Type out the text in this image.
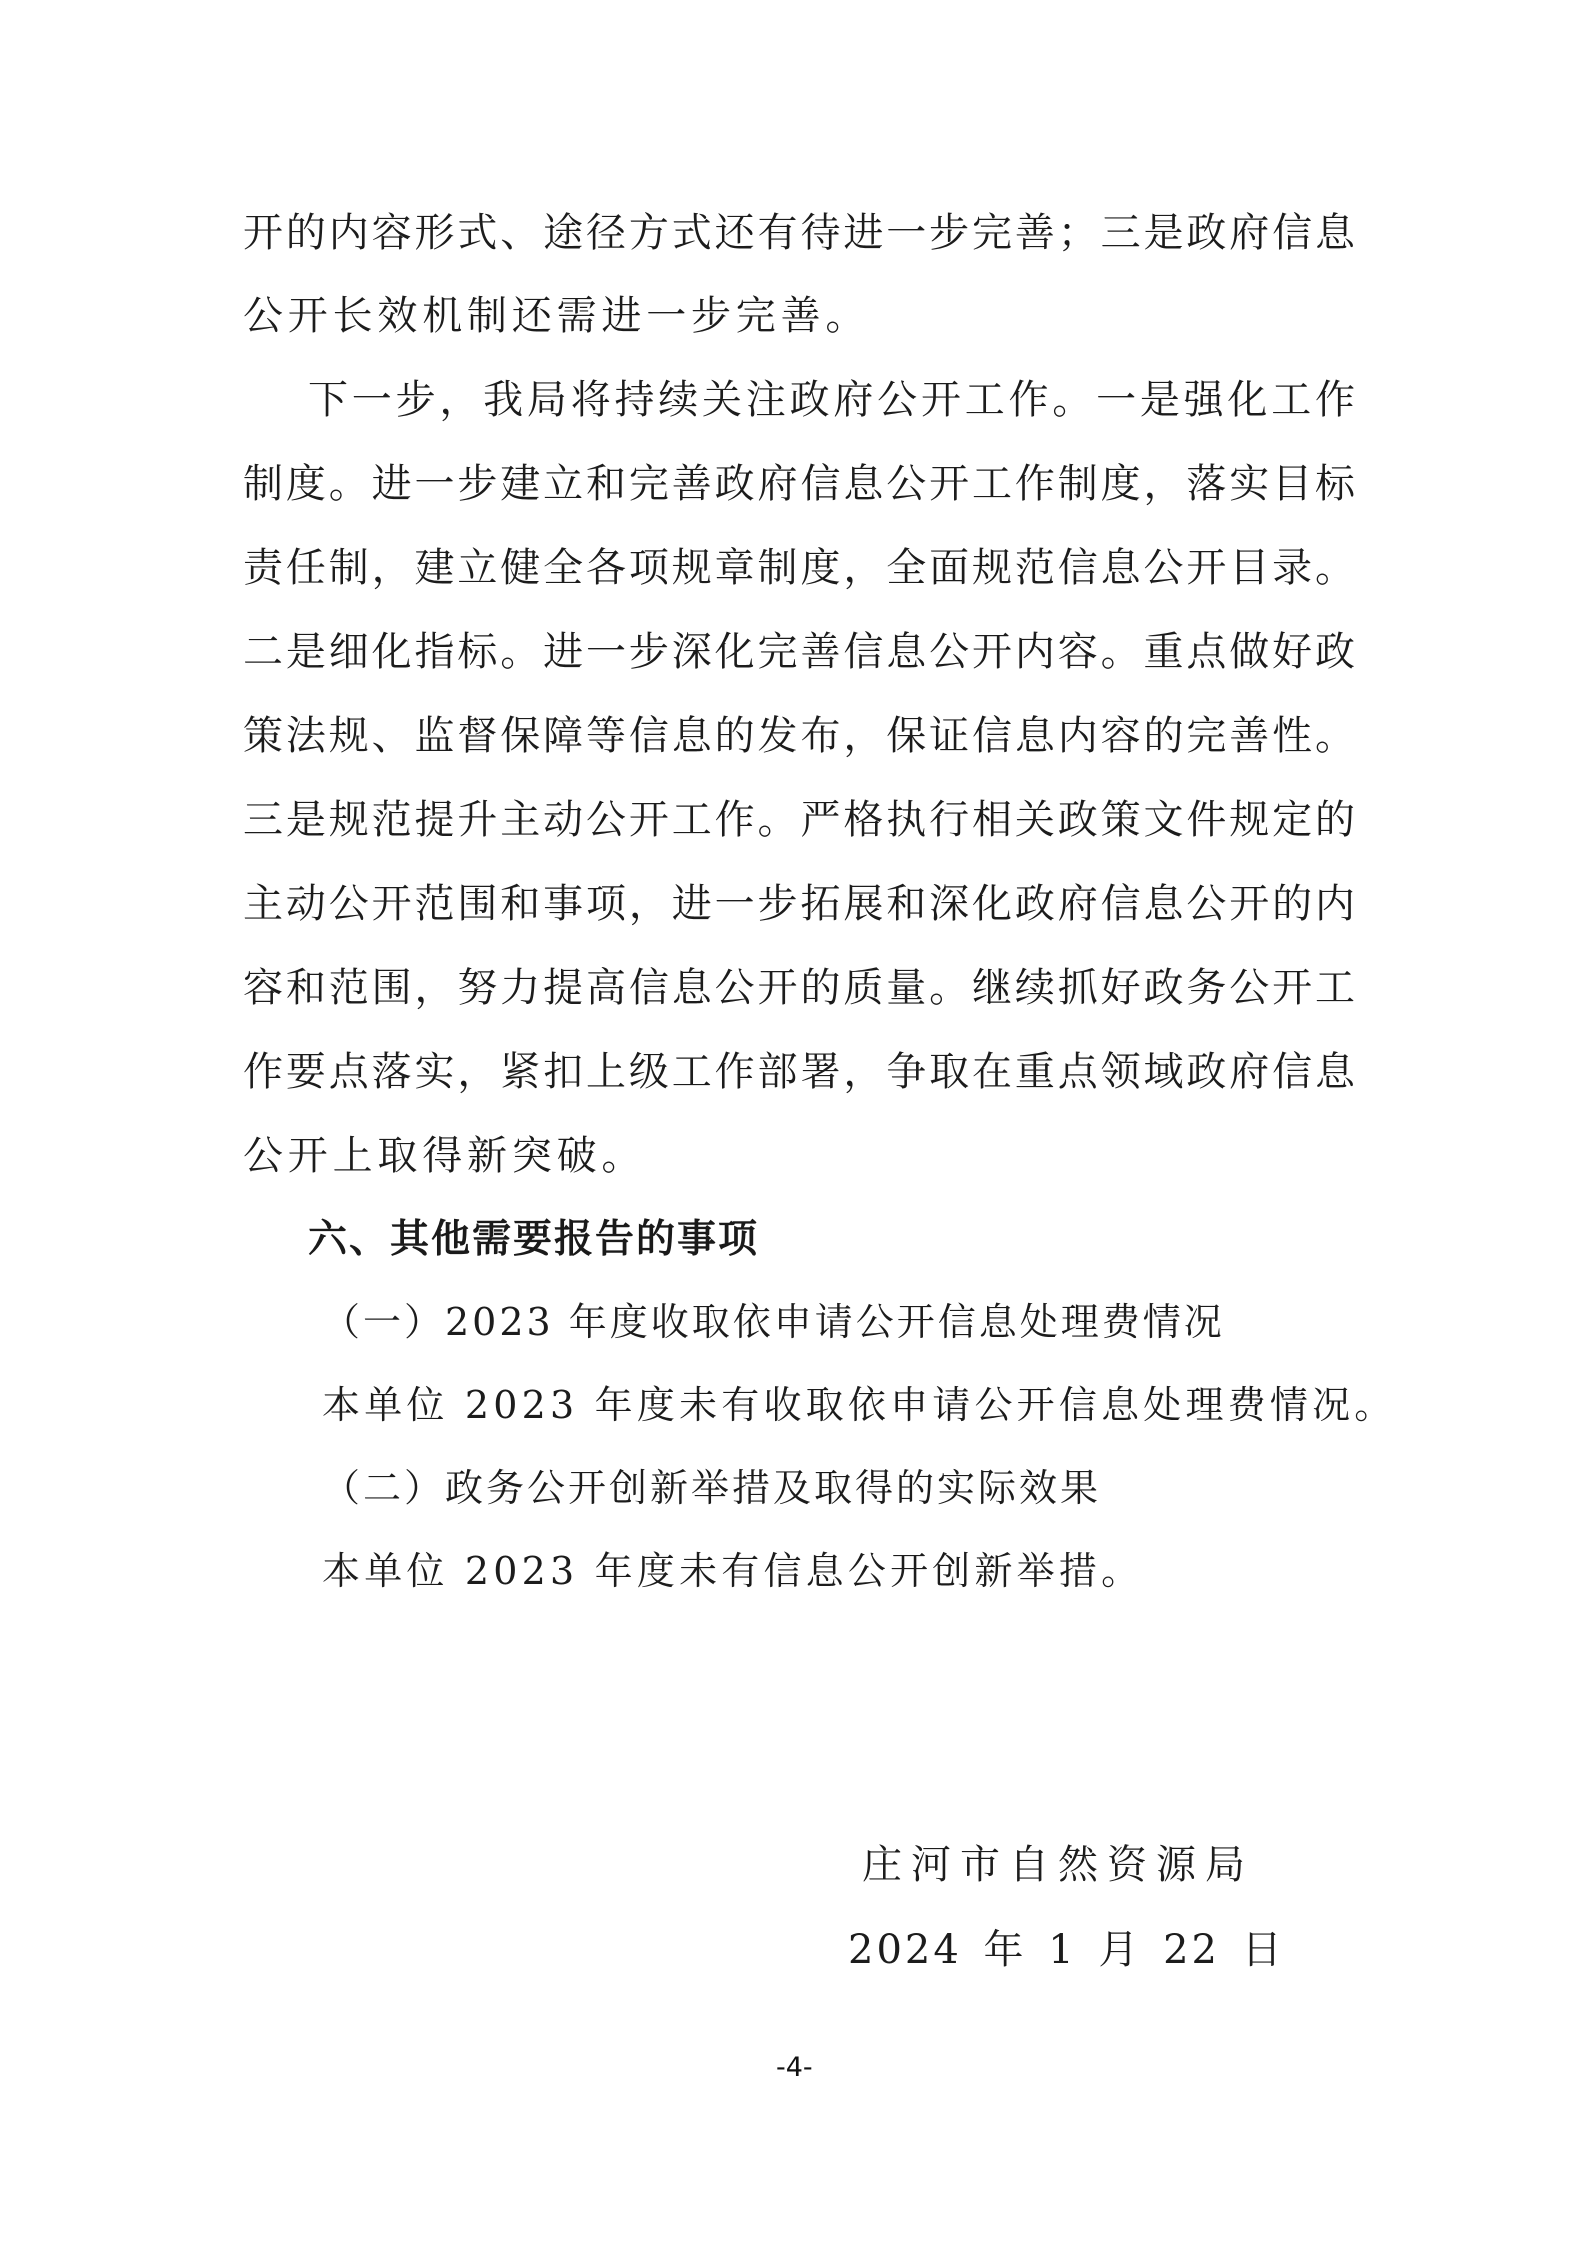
开的内容形式、途径方式还有待进一步完善；三是政府信息
公开长效机制还需进一步完善。
下一步，我局将持续关注政府公开工作。一是强化工作
制度。进一步建立和完善政府信息公开工作制度，落实目标
责任制，建立健全各项规章制度，全面规范信息公开目录。
二是细化指标。进一步深化完善信息公开内容。重点做好政
策法规、监督保障等信息的发布，保证信息内容的完善性。
三是规范提升主动公开工作。严格执行相关政策文件规定的
主动公开范围和事项，进一步拓展和深化政府信息公开的内
容和范围，努力提高信息公开的质量。继续抓好政务公开工
作要点落实，紧扣上级工作部署，争取在重点领域政府信息
公开上取得新突破。
六、其他需要报告的事项
（一）2023 年度收取依申请公开信息处理费情况
本单位 2023 年度未有收取依申请公开信息处理费情况。
（二）政务公开创新举措及取得的实际效果
本单位 2023 年度未有信息公开创新举措。
庄河市自然资源局
2024 年 1 月 22 日
-4-
